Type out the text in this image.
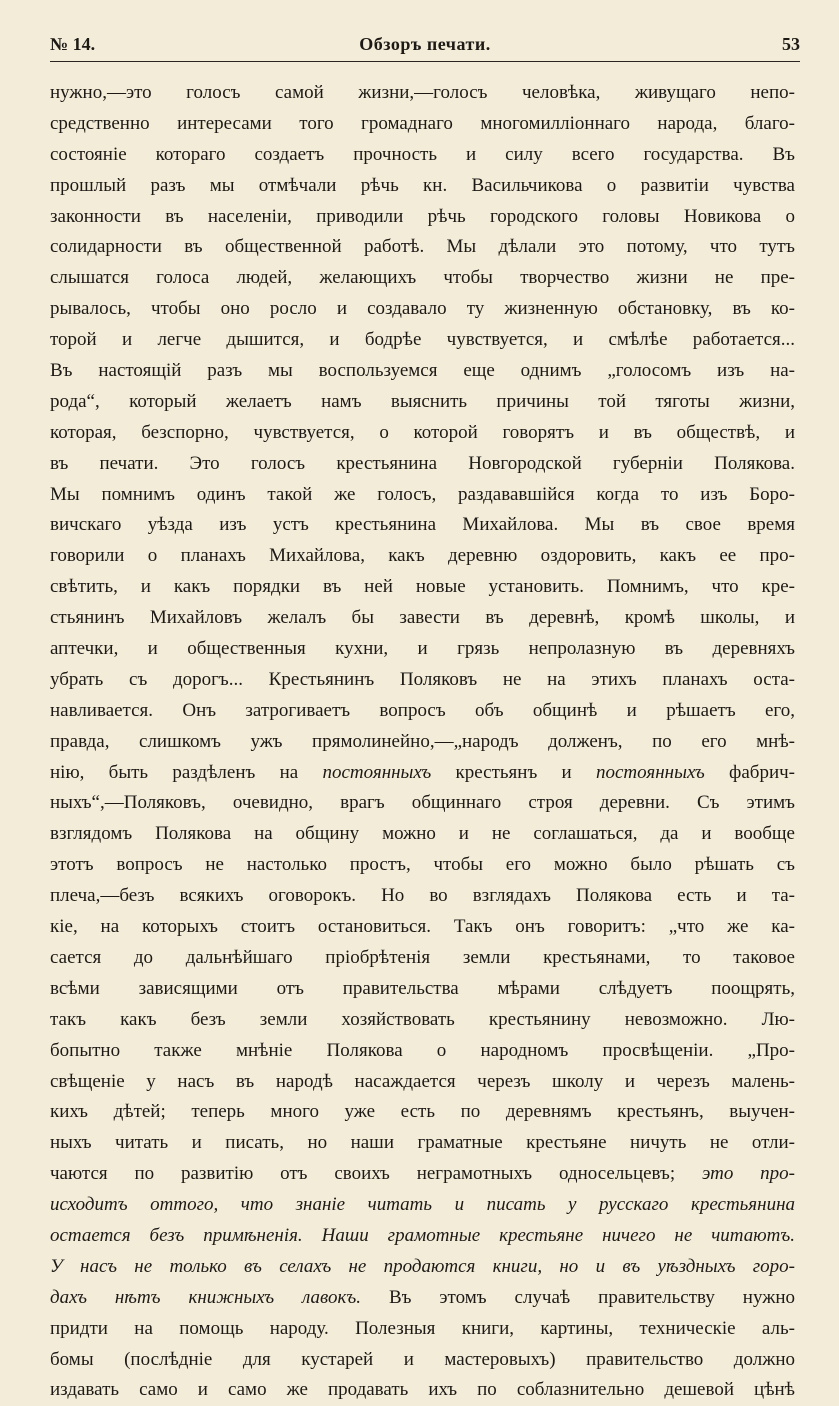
№ 14.	Обзоръ печати.	53
нужно,—это голосъ самой жизни,—голосъ человѣка, живущаго непо-
средственно интересами того громаднаго многомилліоннаго народа, благо-
состояніе котораго создаетъ прочность и силу всего государства. Въ
прошлый разъ мы отмѣчали рѣчь кн. Васильчикова о развитіи чувства
законности въ населеніи, приводили рѣчь городского головы Новикова о
солидарности въ общественной работѣ. Мы дѣлали это потому, что тутъ
слышатся голоса людей, желающихъ чтобы творчество жизни не пре-
рывалось, чтобы оно росло и создавало ту жизненную обстановку, въ ко-
торой и легче дышится, и бодрѣе чувствуется, и смѣлѣе работается...
Въ настоящій разъ мы воспользуемся еще однимъ „голосомъ изъ на-
рода“, который желаетъ намъ выяснить причины той тяготы жизни,
которая, безспорно, чувствуется, о которой говорятъ и въ обществѣ, и
въ печати. Это голосъ крестьянина Новгородской губерніи Полякова.
Мы помнимъ одинъ такой же голосъ, раздававшійся когда то изъ Боро-
вичскаго уѣзда изъ устъ крестьянина Михайлова. Мы въ свое время
говорили о планахъ Михайлова, какъ деревню оздоровить, какъ ее про-
свѣтить, и какъ порядки въ ней новые установить. Помнимъ, что кре-
стьянинъ Михайловъ желалъ бы завести въ деревнѣ, кромѣ школы, и
аптечки, и общественныя кухни, и грязь непролазную въ деревняхъ
убрать съ дорогъ... Крестьянинъ Поляковъ не на этихъ планахъ оста-
навливается. Онъ затрогиваетъ вопросъ объ общинѣ и рѣшаетъ его,
правда, слишкомъ ужъ прямолинейно,—„народъ долженъ, по его мнѣ-
нію, быть раздѣленъ на постоянныхъ крестьянъ и постоянныхъ фабрич-
ныхъ“,—Поляковъ, очевидно, врагъ общиннаго строя деревни. Съ этимъ
взглядомъ Полякова на общину можно и не соглашаться, да и вообще
этотъ вопросъ не настолько простъ, чтобы его можно было рѣшать съ
плеча,—безъ всякихъ оговорокъ. Но во взглядахъ Полякова есть и та-
кіе, на которыхъ стоитъ остановиться. Такъ онъ говоритъ: „что же ка-
сается до дальнѣйшаго пріобрѣтенія земли крестьянами, то таковое
всѣми зависящими отъ правительства мѣрами слѣдуетъ поощрять,
такъ какъ безъ земли хозяйствовать крестьянину невозможно. Лю-
бопытно также мнѣніе Полякова о народномъ просвѣщеніи. „Про-
свѣщеніе у насъ въ народѣ насаждается черезъ школу и черезъ малень-
кихъ дѣтей; теперь много уже есть по деревнямъ крестьянъ, выучен-
ныхъ читать и писать, но наши граматные крестьяне ничуть не отли-
чаются по развитію отъ своихъ неграмотныхъ односельцевъ; это про-
исходитъ оттого, что знаніе читать и писать у русскаго крестьянина
остается безъ примѣненія. Наши грамотные крестьяне ничего не читаютъ.
У насъ не только въ селахъ не продаются книги, но и въ уѣздныхъ горо-
дахъ нѣтъ книжныхъ лавокъ. Въ этомъ случаѣ правительству нужно
придти на помощь народу. Полезныя книги, картины, техническіе аль-
бомы (послѣдніе для кустарей и мастеровыхъ) правительство должно
издавать само и само же продавать ихъ по соблазнительно дешевой цѣнѣ
